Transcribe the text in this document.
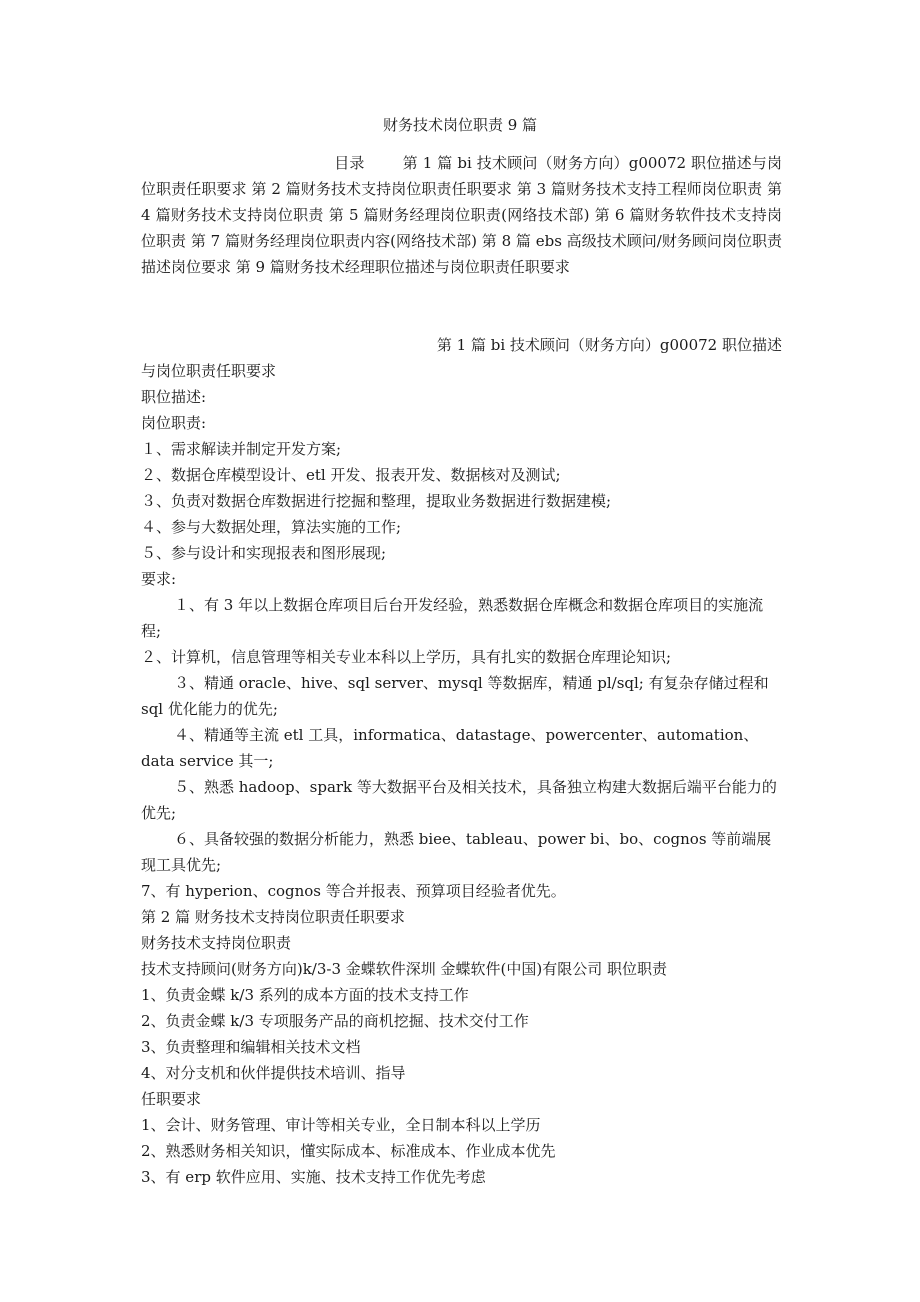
财务技术岗位职责 9 篇
目录	第 1 篇 bi 技术顾问（财务方向）g00072 职位描述与岗位职责任职要求 第 2 篇财务技术支持岗位职责任职要求 第 3 篇财务技术支持工程师岗位职责 第 4 篇财务技术支持岗位职责 第 5 篇财务经理岗位职责(网络技术部) 第 6 篇财务软件技术支持岗位职责 第 7 篇财务经理岗位职责内容(网络技术部) 第 8 篇 ebs 高级技术顾问/财务顾问岗位职责描述岗位要求 第 9 篇财务技术经理职位描述与岗位职责任职要求

第 1 篇 bi 技术顾问（财务方向）g00072 职位描述

与岗位职责任职要求

职位描述:

岗位职责:

１、需求解读并制定开发方案;

２、数据仓库模型设计、etl 开发、报表开发、数据核对及测试;

３、负责对数据仓库数据进行挖掘和整理，提取业务数据进行数据建模;

４、参与大数据处理，算法实施的工作;

５、参与设计和实现报表和图形展现;

要求:

１、有 3 年以上数据仓库项目后台开发经验，熟悉数据仓库概念和数据仓库项目的实施流程;

２、计算机，信息管理等相关专业本科以上学历，具有扎实的数据仓库理论知识;

３、精通 oracle、hive、sql server、mysql 等数据库，精通 pl/sql; 有复杂存储过程和 sql 优化能力的优先;

４、精通等主流 etl 工具，informatica、datastage、powercenter、automation、data service 其一;

５、熟悉 hadoop、spark 等大数据平台及相关技术，具备独立构建大数据后端平台能力的优先;

６、具备较强的数据分析能力，熟悉 biee、tableau、power bi、bo、cognos 等前端展现工具优先;

7、有 hyperion、cognos 等合并报表、预算项目经验者优先。

第 2 篇 财务技术支持岗位职责任职要求

财务技术支持岗位职责

技术支持顾问(财务方向)k/3-3 金蝶软件深圳 金蝶软件(中国)有限公司 职位职责

1、负责金蝶 k/3 系列的成本方面的技术支持工作

2、负责金蝶 k/3 专项服务产品的商机挖掘、技术交付工作

3、负责整理和编辑相关技术文档

4、对分支机和伙伴提供技术培训、指导

任职要求

1、会计、财务管理、审计等相关专业，全日制本科以上学历

2、熟悉财务相关知识，懂实际成本、标准成本、作业成本优先

3、有 erp 软件应用、实施、技术支持工作优先考虑
